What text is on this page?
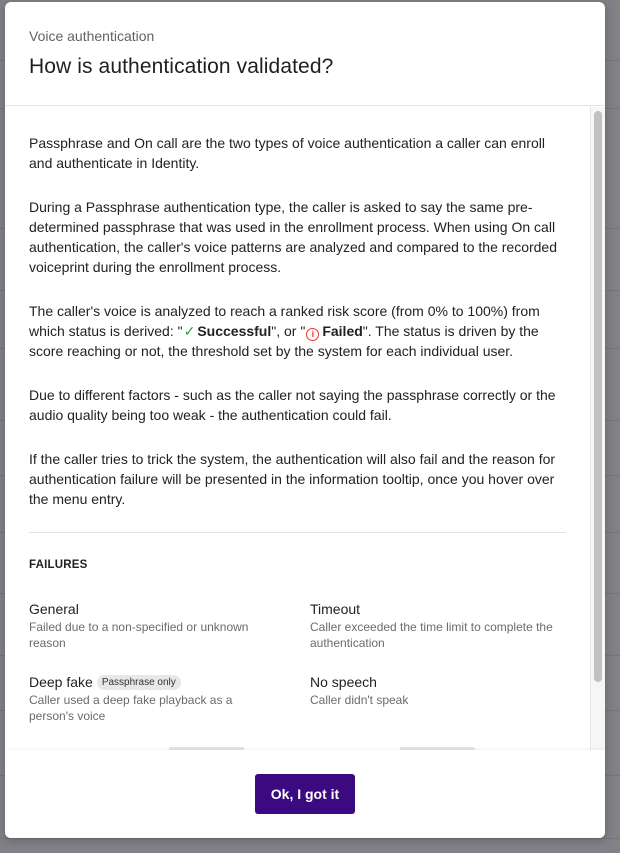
Voice authentication
How is authentication validated?

Passphrase and On call are the two types of voice authentication a caller can enroll and authenticate in Identity.

During a Passphrase authentication type, the caller is asked to say the same pre-determined passphrase that was used in the enrollment process. When using On call authentication, the caller's voice patterns are analyzed and compared to the recorded voiceprint during the enrollment process.

The caller's voice is analyzed to reach a ranked risk score (from 0% to 100%) from which status is derived: "✓ Successful", or " i Failed". The status is driven by the score reaching or not, the threshold set by the system for each individual user.

Due to different factors - such as the caller not saying the passphrase correctly or the audio quality being too weak - the authentication could fail.

If the caller tries to trick the system, the authentication will also fail and the reason for authentication failure will be presented in the information tooltip, once you hover over the menu entry.

FAILURES
General
Failed due to a non-specified or unknown reason
Timeout
Caller exceeded the time limit to complete the authentication
Deep fake Passphrase only
Caller used a deep fake playback as a person's voice
No speech
Caller didn't speak
Ok, I got it
